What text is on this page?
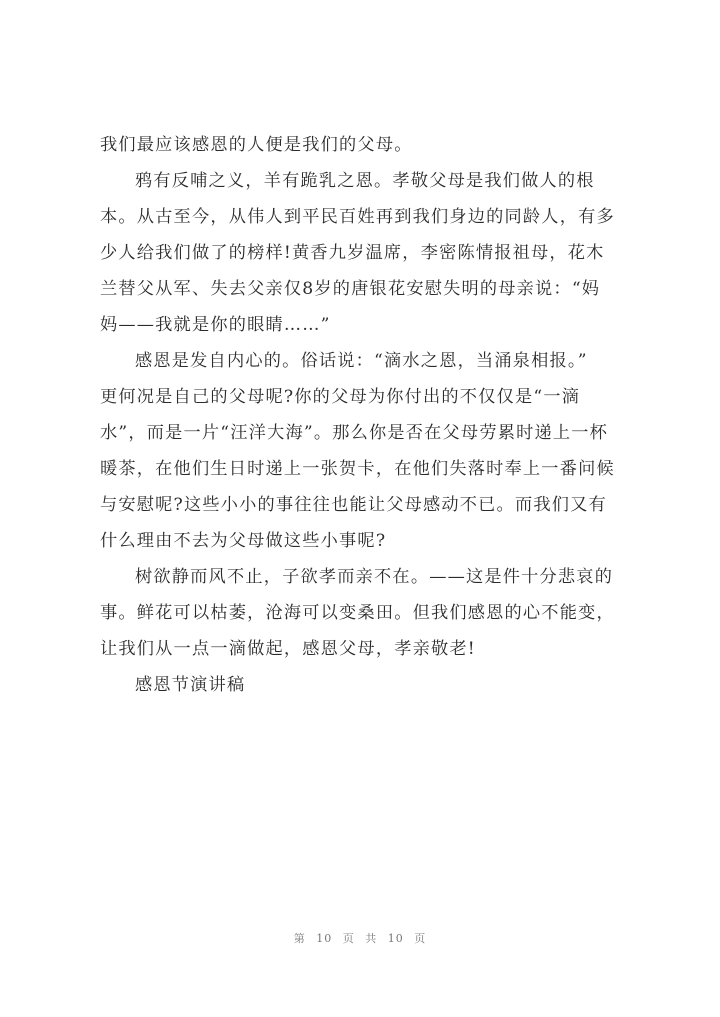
我们最应该感恩的人便是我们的父母。

鸦有反哺之义，羊有跪乳之恩。孝敬父母是我们做人的根

本。从古至今，从伟人到平民百姓再到我们身边的同龄人，有多

少人给我们做了的榜样!黄香九岁温席，李密陈情报祖母，花木

兰替父从军、失去父亲仅8岁的唐银花安慰失明的母亲说：“妈

妈——我就是你的眼睛……”

感恩是发自内心的。俗话说：“滴水之恩，当涌泉相报。”

更何况是自己的父母呢?你的父母为你付出的不仅仅是“一滴

水”，而是一片“汪洋大海”。那么你是否在父母劳累时递上一杯

暖茶，在他们生日时递上一张贺卡，在他们失落时奉上一番问候

与安慰呢?这些小小的事往往也能让父母感动不已。而我们又有

什么理由不去为父母做这些小事呢?

树欲静而风不止，子欲孝而亲不在。——这是件十分悲哀的

事。鲜花可以枯萎，沧海可以变桑田。但我们感恩的心不能变，

让我们从一点一滴做起，感恩父母，孝亲敬老!

感恩节演讲稿

第 10 页 共 10 页
